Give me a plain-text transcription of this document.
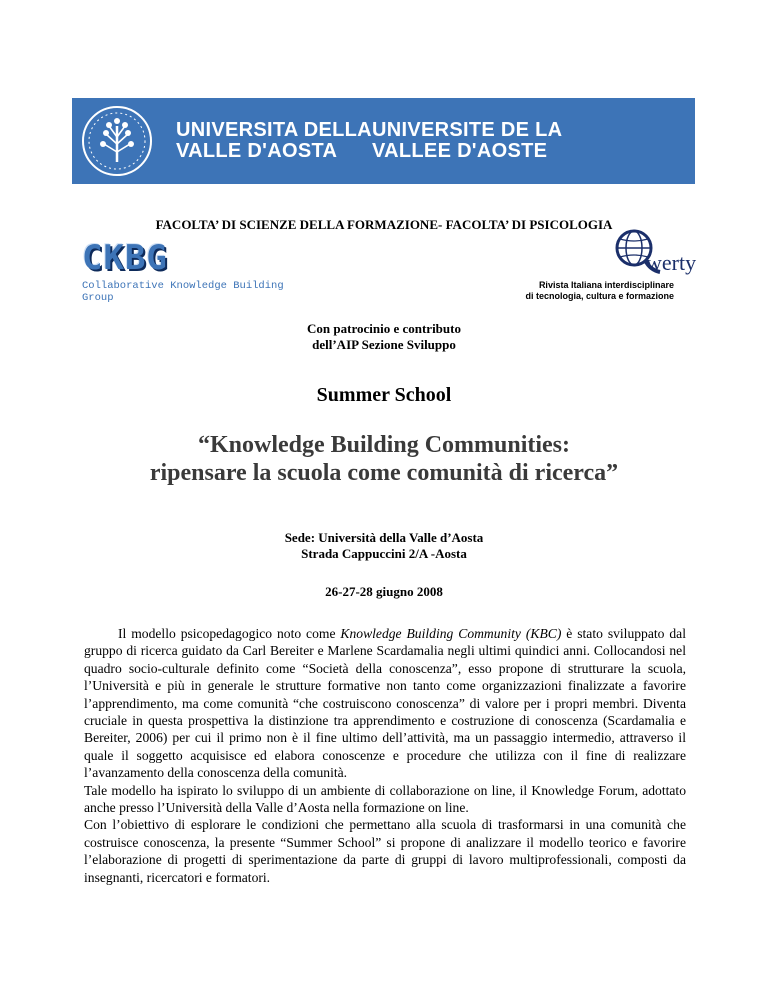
UNIVERSITA DELLA
VALLE D'AOSTA
UNIVERSITE DE LA
VALLEE D'AOSTE
FACOLTA’ DI SCIENZE DELLA FORMAZIONE- FACOLTA’ DI PSICOLOGIA
CKBG
Collaborative Knowledge Building Group
werty
Rivista Italiana interdisciplinare
di tecnologia, cultura e formazione
Con patrocinio e contributo
dell’AIP Sezione Sviluppo
Summer School
“Knowledge Building Communities:
ripensare la scuola come comunità di ricerca”
Sede: Università della Valle d’Aosta
Strada Cappuccini 2/A -Aosta
26-27-28 giugno 2008

Il modello psicopedagogico noto come Knowledge Building Community (KBC) è stato sviluppato dal gruppo di ricerca guidato da Carl Bereiter e Marlene Scardamalia negli ultimi quindici anni. Collocandosi nel quadro socio-culturale definito come “Società della conoscenza”, esso propone di strutturare la scuola, l’Università e più in generale le strutture formative non tanto come organizzazioni finalizzate a favorire l’apprendimento, ma come comunità “che costruiscono conoscenza” di valore per i propri membri. Diventa cruciale in questa prospettiva la distinzione tra apprendimento e costruzione di conoscenza (Scardamalia e Bereiter, 2006) per cui il primo non è il fine ultimo dell’attività, ma un passaggio intermedio, attraverso il quale il soggetto acquisisce ed elabora conoscenze e procedure che utilizza con il fine di realizzare l’avanzamento della conoscenza della comunità.

Tale modello ha ispirato lo sviluppo di un ambiente di collaborazione on line, il Knowledge Forum, adottato anche presso l’Università della Valle d’Aosta nella formazione on line.

Con l’obiettivo di esplorare le condizioni che permettano alla scuola di trasformarsi in una comunità che costruisce conoscenza, la presente “Summer School” si propone di analizzare il modello teorico e favorire l’elaborazione di progetti di sperimentazione da parte di gruppi di lavoro multiprofessionali, composti da insegnanti, ricercatori e formatori.
